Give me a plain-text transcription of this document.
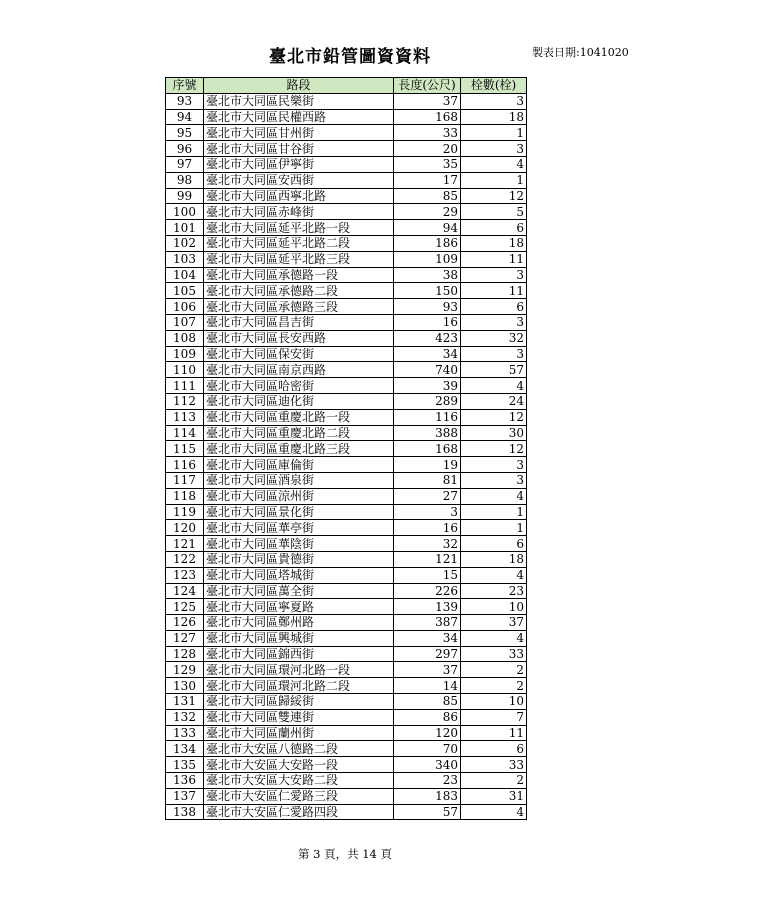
臺北市鉛管圖資資料	製表日期:1041020
序號	路段	長度(公尺)	栓數(栓)
93	臺北市大同區民樂街	37	3
94	臺北市大同區民權西路	168	18
95	臺北市大同區甘州街	33	1
96	臺北市大同區甘谷街	20	3
97	臺北市大同區伊寧街	35	4
98	臺北市大同區安西街	17	1
99	臺北市大同區西寧北路	85	12
100	臺北市大同區赤峰街	29	5
101	臺北市大同區延平北路一段	94	6
102	臺北市大同區延平北路二段	186	18
103	臺北市大同區延平北路三段	109	11
104	臺北市大同區承德路一段	38	3
105	臺北市大同區承德路二段	150	11
106	臺北市大同區承德路三段	93	6
107	臺北市大同區昌吉街	16	3
108	臺北市大同區長安西路	423	32
109	臺北市大同區保安街	34	3
110	臺北市大同區南京西路	740	57
111	臺北市大同區哈密街	39	4
112	臺北市大同區迪化街	289	24
113	臺北市大同區重慶北路一段	116	12
114	臺北市大同區重慶北路二段	388	30
115	臺北市大同區重慶北路三段	168	12
116	臺北市大同區庫倫街	19	3
117	臺北市大同區酒泉街	81	3
118	臺北市大同區涼州街	27	4
119	臺北市大同區景化街	3	1
120	臺北市大同區華亭街	16	1
121	臺北市大同區華陰街	32	6
122	臺北市大同區貴德街	121	18
123	臺北市大同區塔城街	15	4
124	臺北市大同區萬全街	226	23
125	臺北市大同區寧夏路	139	10
126	臺北市大同區鄭州路	387	37
127	臺北市大同區興城街	34	4
128	臺北市大同區錦西街	297	33
129	臺北市大同區環河北路一段	37	2
130	臺北市大同區環河北路二段	14	2
131	臺北市大同區歸綏街	85	10
132	臺北市大同區雙連街	86	7
133	臺北市大同區蘭州街	120	11
134	臺北市大安區八德路二段	70	6
135	臺北市大安區大安路一段	340	33
136	臺北市大安區大安路二段	23	2
137	臺北市大安區仁愛路三段	183	31
138	臺北市大安區仁愛路四段	57	4
第 3 頁，共 14 頁
